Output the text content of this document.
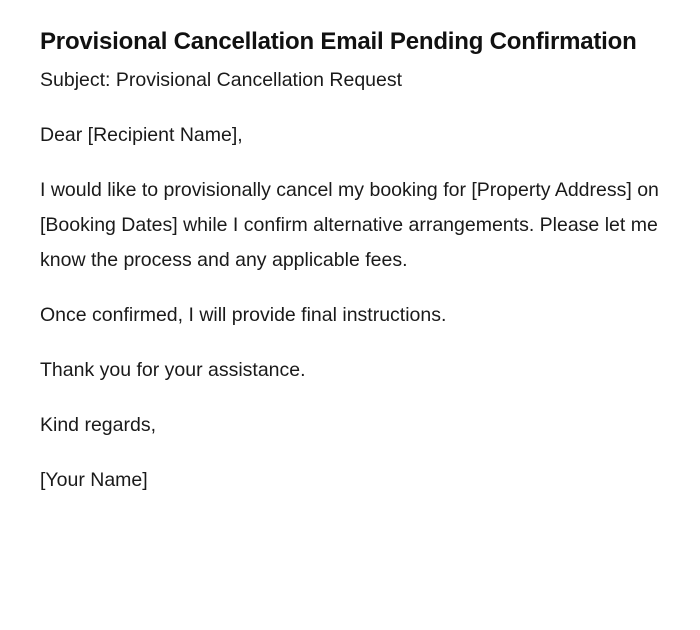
Provisional Cancellation Email Pending Confirmation

Subject: Provisional Cancellation Request

Dear [Recipient Name],

I would like to provisionally cancel my booking for [Property Address] on [Booking Dates] while I confirm alternative arrangements. Please let me know the process and any applicable fees.

Once confirmed, I will provide final instructions.

Thank you for your assistance.

Kind regards,

[Your Name]
